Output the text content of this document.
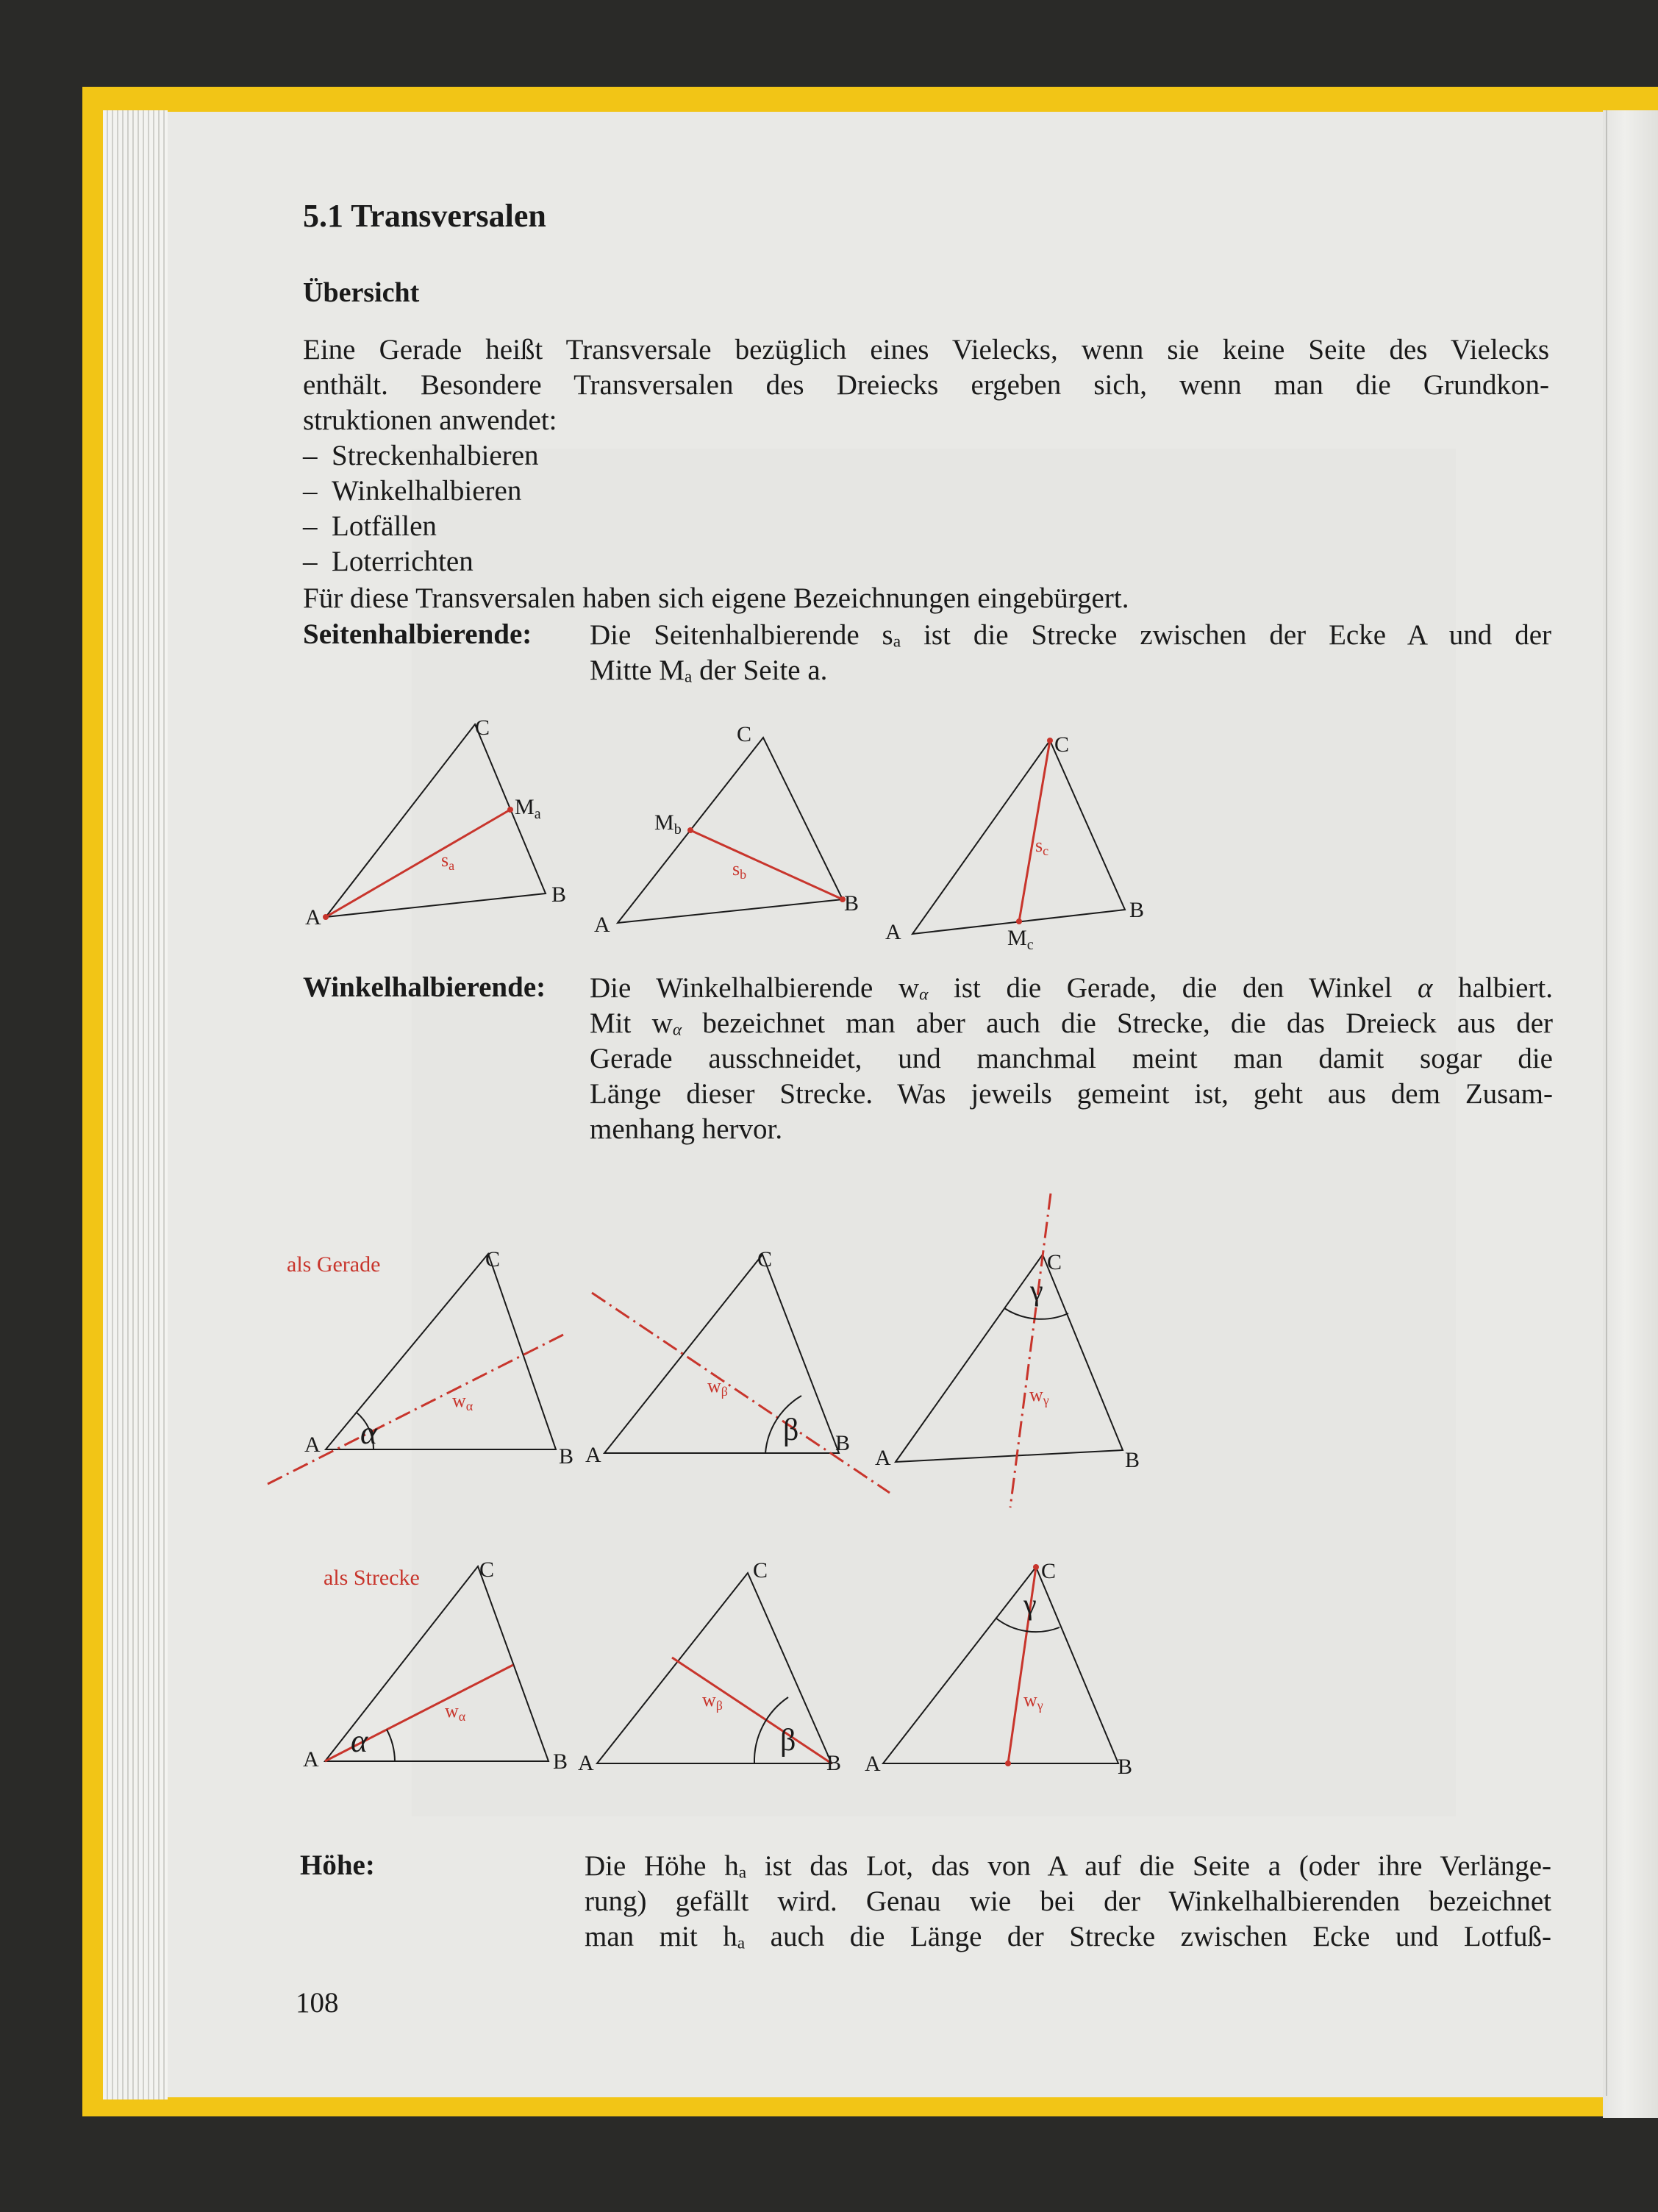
5.1 Transversalen
Übersicht
Eine Gerade heißt Transversale bezüglich eines Vielecks, wenn sie keine Seite des Vielecks
enthält. Besondere Transversalen des Dreiecks ergeben sich, wenn man die Grundkon-
struktionen anwendet:
– Streckenhalbieren
– Winkelhalbieren
– Lotfällen
– Loterrichten
Für diese Transversalen haben sich eigene Bezeichnungen eingebürgert.
Seitenhalbierende: Die Seitenhalbierende $s_a$ ist die Strecke zwischen der Ecke A und der
Mitte $M_a$ der Seite a.
Winkelhalbierende: Die Winkelhalbierende $w_\alpha$ ist die Gerade, die den Winkel α halbiert.
Mit $w_\alpha$ bezeichnet man aber auch die Strecke, die das Dreieck aus der
Gerade ausschneidet, und manchmal meint man damit sogar die
Länge dieser Strecke. Was jeweils gemeint ist, geht aus dem Zusam-
menhang hervor.
Höhe:	Die Höhe $h_a$ ist das Lot, das von A auf die Seite a (oder ihre Verlänge-
rung) gefällt wird. Genau wie bei der Winkelhalbierenden bezeichnet
man mit $h_a$ auch die Länge der Strecke zwischen Ecke und Lotfuß-
108
A
B
C
$M_a$
sa
A
B
C
$M_b$
sb
A
B
C
$M_c$
sc
als Gerade
A	B
C
α
wα
A	B
C
β
wβ
A	B
C
γ
wγ
als Strecke
A	B
C
α
wα
A	B
C
β
wβ
A	B
C
γ
wγ
